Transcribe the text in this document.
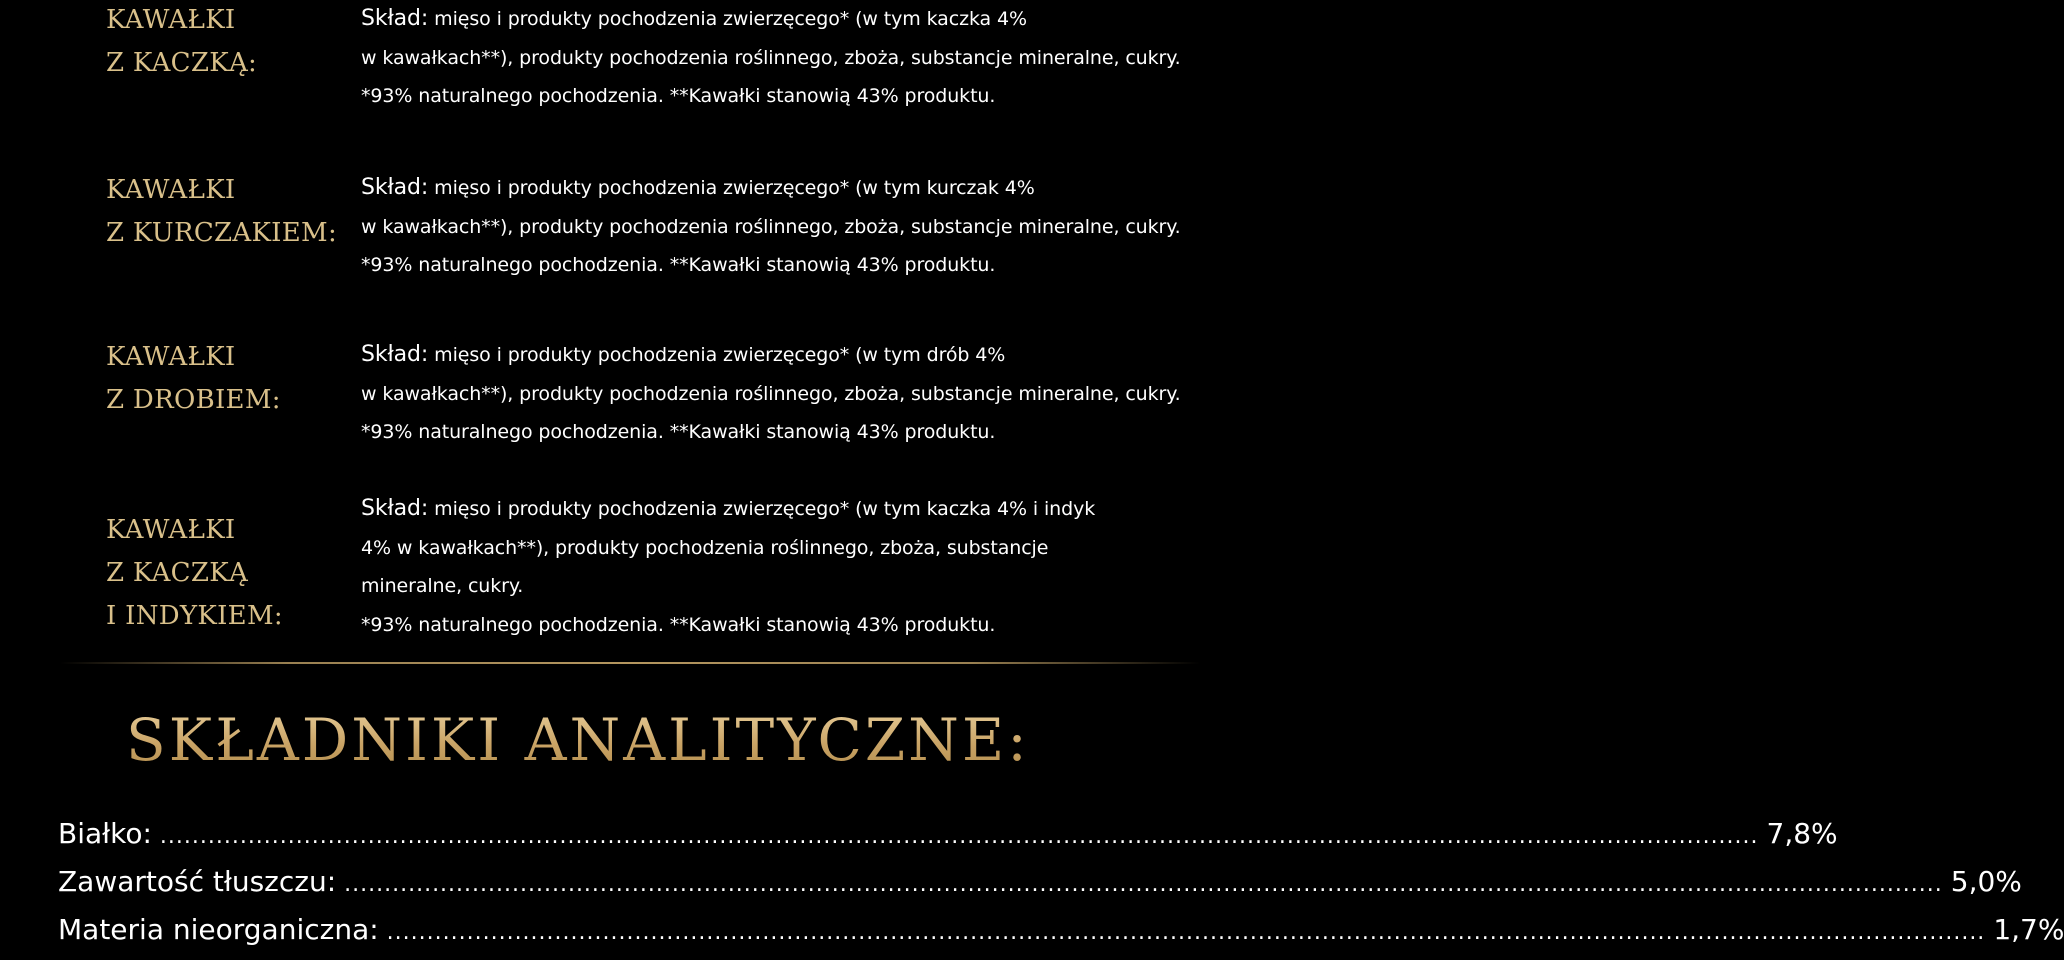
KAWAŁKI
Z KACZKĄ:
Skład: mięso i produkty pochodzenia zwierzęcego* (w tym kaczka 4%
w kawałkach**), produkty pochodzenia roślinnego, zboża, substancje mineralne, cukry.
*93% naturalnego pochodzenia. **Kawałki stanowią 43% produktu.
KAWAŁKI
Z KURCZAKIEM:
Skład: mięso i produkty pochodzenia zwierzęcego* (w tym kurczak 4%
w kawałkach**), produkty pochodzenia roślinnego, zboża, substancje mineralne, cukry.
*93% naturalnego pochodzenia. **Kawałki stanowią 43% produktu.
KAWAŁKI
Z DROBIEM:
Skład: mięso i produkty pochodzenia zwierzęcego* (w tym drób 4%
w kawałkach**), produkty pochodzenia roślinnego, zboża, substancje mineralne, cukry.
*93% naturalnego pochodzenia. **Kawałki stanowią 43% produktu.
KAWAŁKI
Z KACZKĄ
I INDYKIEM:
Skład: mięso i produkty pochodzenia zwierzęcego* (w tym kaczka 4% i indyk
4% w kawałkach**), produkty pochodzenia roślinnego, zboża, substancje
mineralne, cukry.
*93% naturalnego pochodzenia. **Kawałki stanowią 43% produktu.
SKŁADNIKI ANALITYCZNE:
Białko: ........................................................................................................................................................................................................ 7,8%
Zawartość tłuszczu: ........................................................................................................................................................................................................ 5,0%
Materia nieorganiczna: ........................................................................................................................................................................................................ 1,7%
